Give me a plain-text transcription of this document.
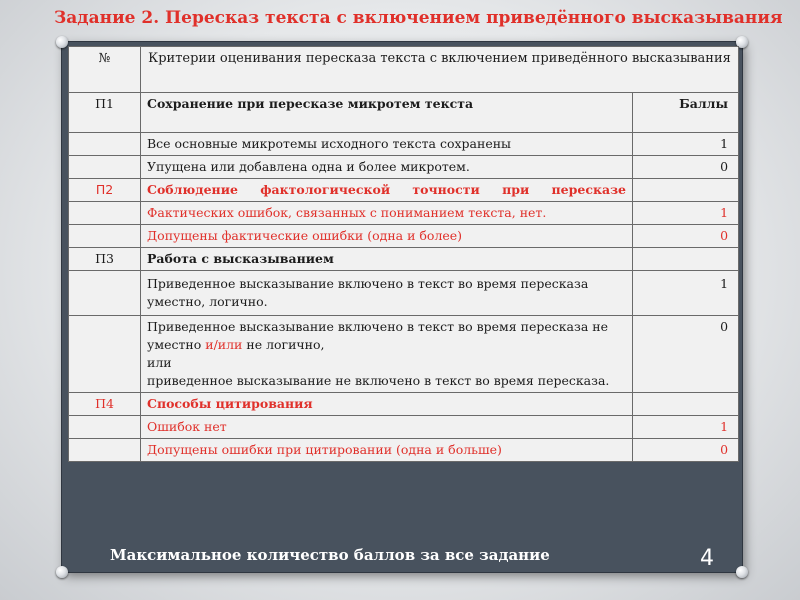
Задание 2. Пересказ текста с включением приведённого высказывания
№	Критерии оценивания пересказа текста с включением приведённого высказывания	
П1	Сохранение при пересказе микротем текста	Баллы
	Все основные микротемы исходного текста сохранены	1
	Упущена или добавлена одна и более микротем.	0
П2	Соблюдение фактологической точности при пересказе	
	Фактических ошибок, связанных с пониманием текста, нет.	1
	Допущены фактические ошибки (одна и более)	0
П3	Работа с высказыванием	
	Приведенное высказывание включено в текст во время пересказа уместно, логично.	1
	Приведенное высказывание включено в текст во время пересказа не уместно и/или не логично,
или

приведенное высказывание не включено в текст во время пересказа.	0
П4	Способы цитирования	
	Ошибок нет	1
	Допущены ошибки при цитировании (одна и больше)	0
Максимальное количество баллов за все задание	4
